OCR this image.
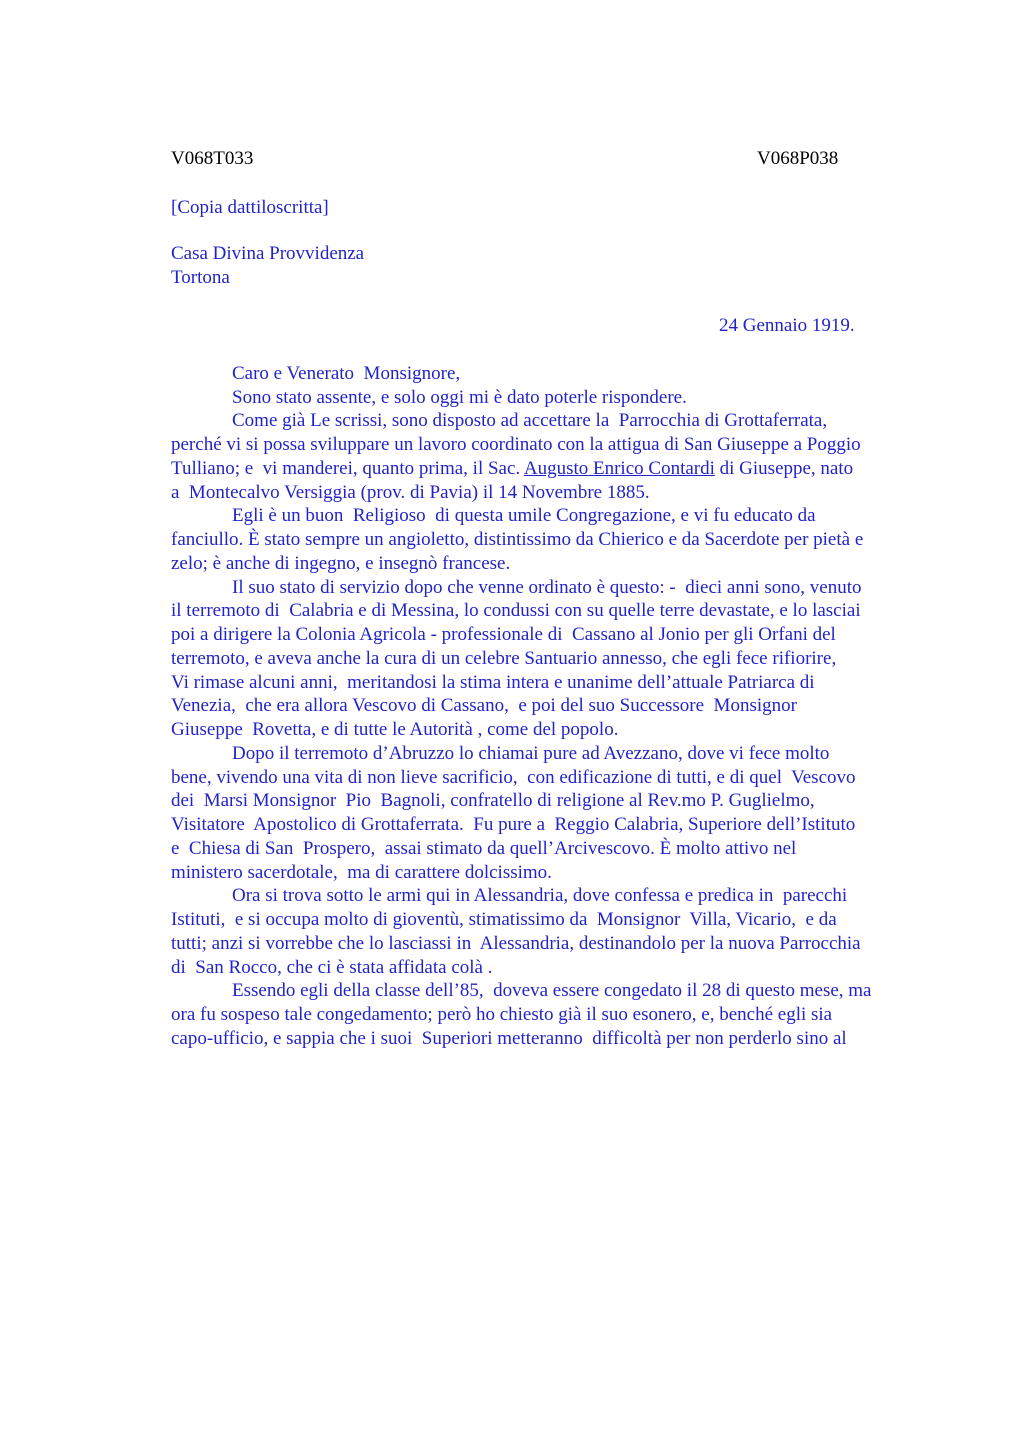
V068T033	V068P038
[Copia dattiloscritta]
Casa Divina Provvidenza
Tortona
24 Gennaio 1919.
Caro e Venerato  Monsignore,
Sono stato assente, e solo oggi mi è dato poterle rispondere.
Come già Le scrissi, sono disposto ad accettare la  Parrocchia di Grottaferrata,
perché vi si possa sviluppare un lavoro coordinato con la attigua di San Giuseppe a Poggio
Tulliano; e  vi manderei, quanto prima, il Sac. Augusto Enrico Contardi di Giuseppe, nato
a  Montecalvo Versiggia (prov. di Pavia) il 14 Novembre 1885.
Egli è un buon  Religioso  di questa umile Congregazione, e vi fu educato da
fanciullo. È stato sempre un angioletto, distintissimo da Chierico e da Sacerdote per pietà e
zelo; è anche di ingegno, e insegnò francese.
Il suo stato di servizio dopo che venne ordinato è questo: -  dieci anni sono, venuto
il terremoto di  Calabria e di Messina, lo condussi con su quelle terre devastate, e lo lasciai
poi a dirigere la Colonia Agricola - professionale di  Cassano al Jonio per gli Orfani del
terremoto, e aveva anche la cura di un celebre Santuario annesso, che egli fece rifiorire,
Vi rimase alcuni anni,  meritandosi la stima intera e unanime dell’attuale Patriarca di
Venezia,  che era allora Vescovo di Cassano,  e poi del suo Successore  Monsignor
Giuseppe  Rovetta, e di tutte le Autorità , come del popolo.
Dopo il terremoto d’Abruzzo lo chiamai pure ad Avezzano, dove vi fece molto
bene, vivendo una vita di non lieve sacrificio,  con edificazione di tutti, e di quel  Vescovo
dei  Marsi Monsignor  Pio  Bagnoli, confratello di religione al Rev.mo P. Guglielmo,
Visitatore  Apostolico di Grottaferrata.  Fu pure a  Reggio Calabria, Superiore dell’Istituto
e  Chiesa di San  Prospero,  assai stimato da quell’Arcivescovo. È molto attivo nel
ministero sacerdotale,  ma di carattere dolcissimo.
Ora si trova sotto le armi qui in Alessandria, dove confessa e predica in  parecchi
Istituti,  e si occupa molto di gioventù, stimatissimo da  Monsignor  Villa, Vicario,  e da
tutti; anzi si vorrebbe che lo lasciassi in  Alessandria, destinandolo per la nuova Parrocchia
di  San Rocco, che ci è stata affidata colà .
Essendo egli della classe dell’85,  doveva essere congedato il 28 di questo mese, ma
ora fu sospeso tale congedamento; però ho chiesto già il suo esonero, e, benché egli sia
capo-ufficio, e sappia che i suoi  Superiori metteranno  difficoltà per non perderlo sino al
